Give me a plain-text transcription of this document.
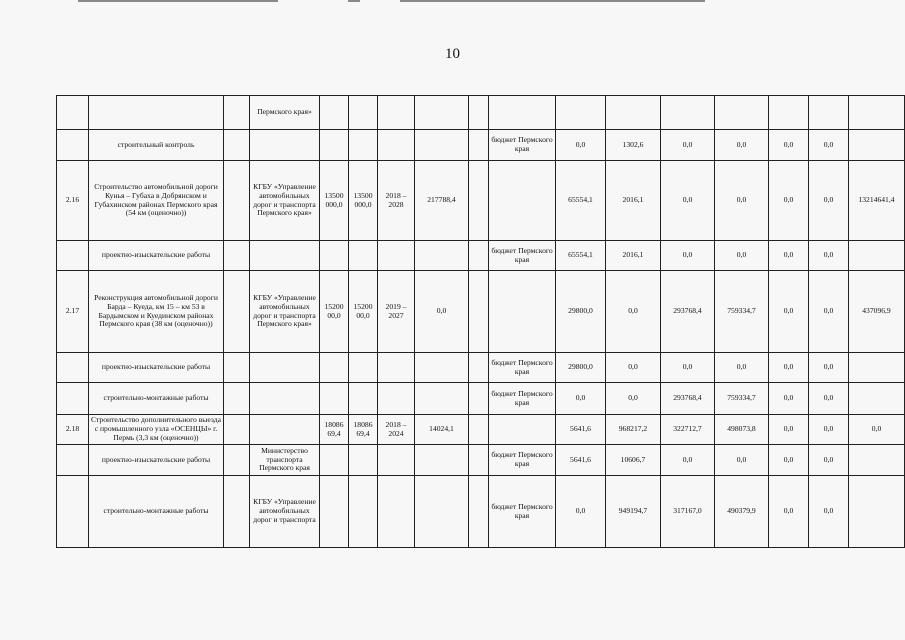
10
			Пермского края»													
	строительный контроль								бюджет Пермского края	0,0	1302,6	0,0	0,0	0,0	0,0	
2.16	Строительство автомобильной дороги Кунья – Губаха в Добрянском и Губахинском районах Пермского края (54 км (оценочно))		КГБУ «Управление автомобильных дорог и транспорта Пермского края»	13500 000,0	13500 000,0	2018 – 2028	217788,4			65554,1	2016,1	0,0	0,0	0,0	0,0	13214641,4
	проектно-изыскательские работы								бюджет Пермского края	65554,1	2016,1	0,0	0,0	0,0	0,0	
2.17	Реконструкция автомобильной дороги Барда – Куеда, км 15 – км 53 в Бардымском и Куединском районах Пермского края (38 км (оценочно))		КГБУ «Управление автомобильных дорог и транспорта Пермского края»	15200 00,0	15200 00,0	2019 – 2027	0,0			29800,0	0,0	293768,4	759334,7	0,0	0,0	437096,9
	проектно-изыскательские работы								бюджет Пермского края	29800,0	0,0	0,0	0,0	0,0	0,0	
	строительно-монтажные работы								бюджет Пермского края	0,0	0,0	293768,4	759334,7	0,0	0,0	
2.18	Строительство дополнительного выезда с промышленного узла «ОСЕНЦЫ» г. Пермь (3,3 км (оценочно))			18086 69,4	18086 69,4	2018 – 2024	14024,1			5641,6	968217,2	322712,7	498073,8	0,0	0,0	0,0
	проектно-изыскательские работы		Министерство транспорта Пермского края						бюджет Пермского края	5641,6	10606,7	0,0	0,0	0,0	0,0	
	строительно-монтажные работы		КГБУ «Управление автомобильных дорог и транспорта						бюджет Пермского края	0,0	949194,7	317167,0	490379,9	0,0	0,0	
